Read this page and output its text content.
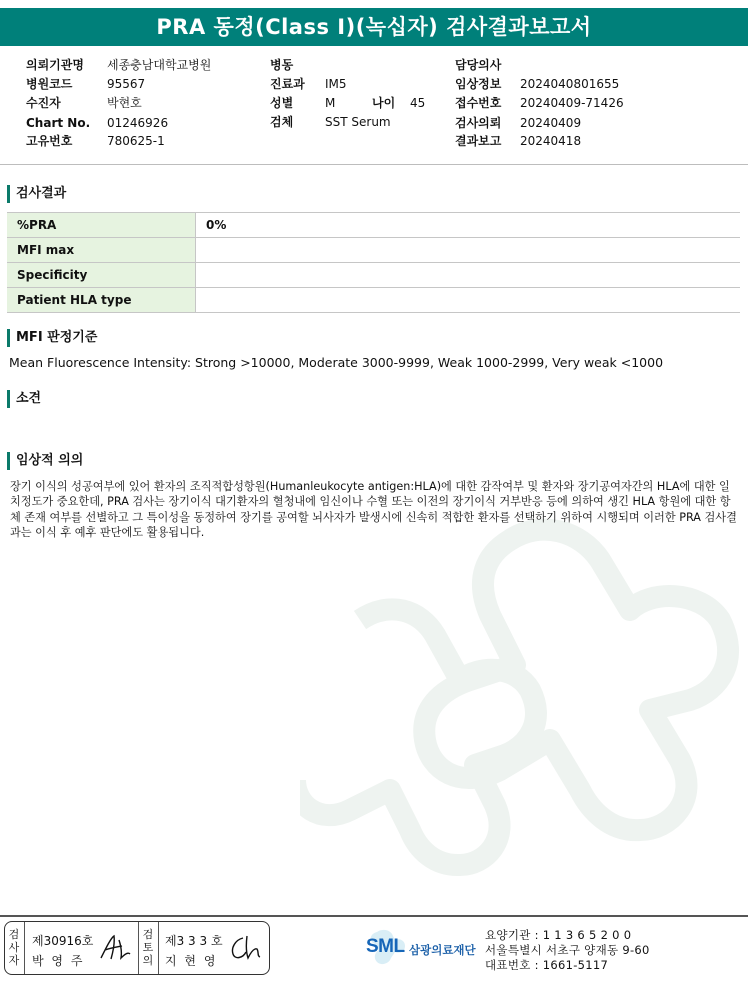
PRA 동정(Class I)(녹십자) 검사결과보고서
의뢰기관명 세종충남대학교병원
병원코드	95567
수진자	박현호
Chart No. 01246926
고유번호	780625-1
병동
진료과 IM5
성별	M	나이 45
검체	SST Serum
담당의사
임상정보 2024040801655
접수번호 20240409-71426
검사의뢰 20240409
결과보고 20240418
검사결과
%PRA	0%
MFI max	
Specificity	
Patient HLA type	
MFI 판정기준
Mean Fluorescence Intensity: Strong >10000, Moderate 3000-9999, Weak 1000-2999, Very weak <1000
소견
임상적 의의
장기 이식의 성공여부에 있어 환자의 조직적합성항원(Humanleukocyte antigen:HLA)에 대한 감작여부 및 환자와 장기공여자간의 HLA에 대한 일치정도가 중요한데, PRA 검사는 장기이식 대기환자의 혈청내에 임신이나 수혈 또는 이전의 장기이식 거부반응 등에 의하여 생긴 HLA 항원에 대한 항체 존재 여부를 선별하고 그 특이성을 동정하여 장기를 공여할 뇌사자가 발생시에 신속히 적합한 환자를 선택하기 위하여 시행되며 이러한 PRA 검사결과는 이식 후 예후 판단에도 활용됩니다.
검
사
자
제30916호
박 영 주
검
토
의
제3 3 3 호
지 현 영
SML 삼광의료재단
요양기관 : 1 1 3 6 5 2 0 0
서울특별시 서초구 양재동 9-60
대표번호 : 1661-5117
